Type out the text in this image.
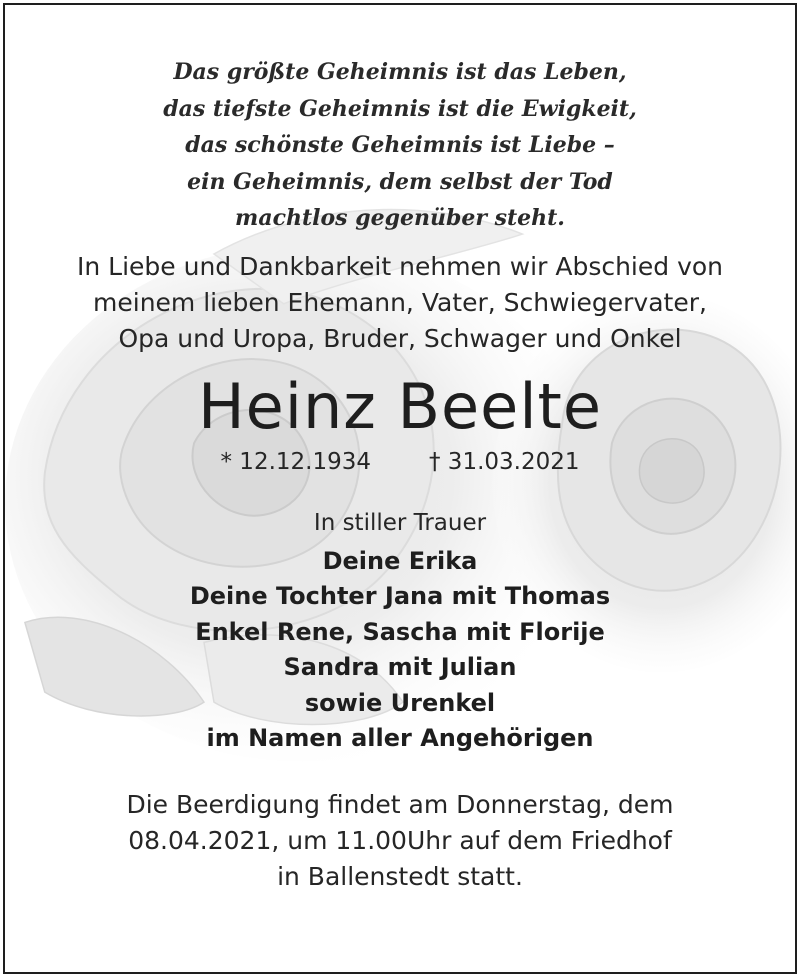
Das größte Geheimnis ist das Leben,
das tiefste Geheimnis ist die Ewigkeit,
das schönste Geheimnis ist Liebe –
ein Geheimnis, dem selbst der Tod
machtlos gegenüber steht.
In Liebe und Dankbarkeit nehmen wir Abschied von
meinem lieben Ehemann, Vater, Schwiegervater,
Opa und Uropa, Bruder, Schwager und Onkel
Heinz Beelte
* 12.12.1934	† 31.03.2021
In stiller Trauer
Deine Erika
Deine Tochter Jana mit Thomas
Enkel Rene, Sascha mit Florije
Sandra mit Julian
sowie Urenkel
im Namen aller Angehörigen
Die Beerdigung findet am Donnerstag, dem
08.04.2021, um 11.00Uhr auf dem Friedhof
in Ballenstedt statt.
